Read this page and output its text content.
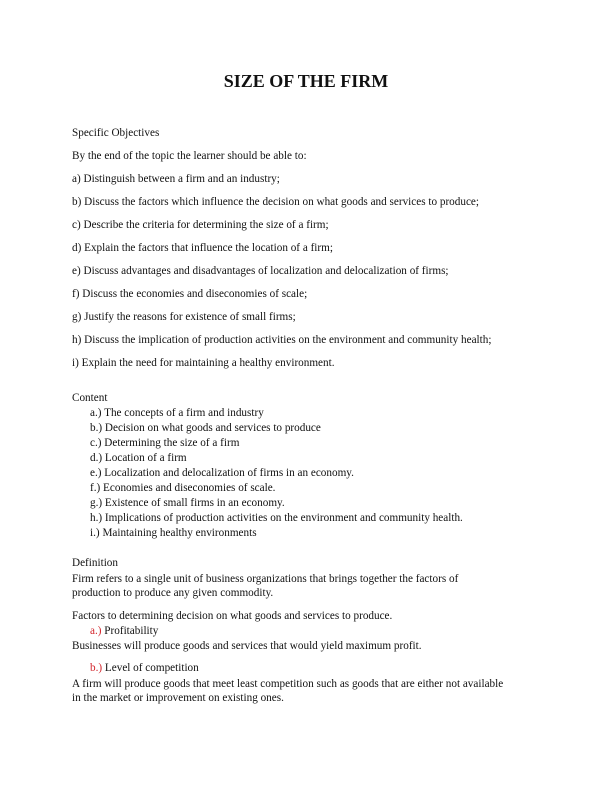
SIZE OF THE FIRM
Specific Objectives
By the end of the topic the learner should be able to:
a) Distinguish between a firm and an industry;
b) Discuss the factors which influence the decision on what goods and services to produce;
c) Describe the criteria for determining the size of a firm;
d) Explain the factors that influence the location of a firm;
e) Discuss advantages and disadvantages of localization and delocalization of firms;
f) Discuss the economies and diseconomies of scale;
g) Justify the reasons for existence of small firms;
h) Discuss the implication of production activities on the environment and community health;
i) Explain the need for maintaining a healthy environment.
Content
a.) The concepts of a firm and industry
b.) Decision on what goods and services to produce
c.) Determining the size of a firm
d.) Location of a firm
e.) Localization and delocalization of firms in an economy.
f.) Economies and diseconomies of scale.
g.) Existence of small firms in an economy.
h.) Implications of production activities on the environment and community health.
i.) Maintaining healthy environments
Definition
Firm refers to a single unit of business organizations that brings together the factors of
production to produce any given commodity.
Factors to determining decision on what goods and services to produce.
a.) Profitability
Businesses will produce goods and services that would yield maximum profit.
b.) Level of competition
A firm will produce goods that meet least competition such as goods that are either not available
in the market or improvement on existing ones.
